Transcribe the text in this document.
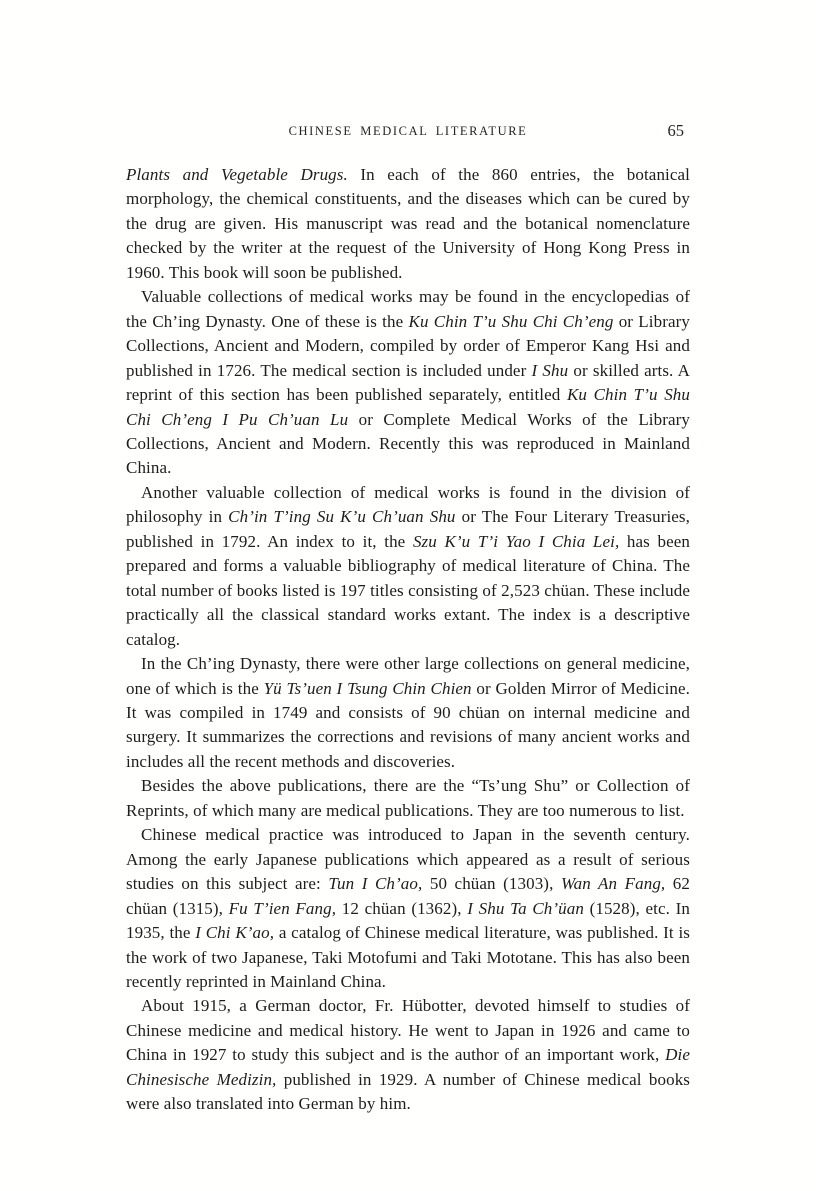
CHINESE MEDICAL LITERATURE	65

Plants and Vegetable Drugs. In each of the 860 entries, the botanical morphology, the chemical constituents, and the diseases which can be cured by the drug are given. His manuscript was read and the botanical nomenclature checked by the writer at the request of the University of Hong Kong Press in 1960. This book will soon be published.

Valuable collections of medical works may be found in the encyclopedias of the Ch’ing Dynasty. One of these is the Ku Chin T’u Shu Chi Ch’eng or Library Collections, Ancient and Modern, compiled by order of Emperor Kang Hsi and published in 1726. The medical section is included under I Shu or skilled arts. A reprint of this section has been published separately, entitled Ku Chin T’u Shu Chi Ch’eng I Pu Ch’uan Lu or Complete Medical Works of the Library Collections, Ancient and Modern. Recently this was reproduced in Mainland China.

Another valuable collection of medical works is found in the division of philosophy in Ch’in T’ing Su K’u Ch’uan Shu or The Four Literary Treasuries, published in 1792. An index to it, the Szu K’u T’i Yao I Chia Lei, has been prepared and forms a valuable bibliography of medical literature of China. The total number of books listed is 197 titles consisting of 2,523 chüan. These include practically all the classical standard works extant. The index is a descriptive catalog.

In the Ch’ing Dynasty, there were other large collections on general medicine, one of which is the Yü Ts’uen I Tsung Chin Chien or Golden Mirror of Medicine. It was compiled in 1749 and consists of 90 chüan on internal medicine and surgery. It summarizes the corrections and revisions of many ancient works and includes all the recent methods and discoveries.

Besides the above publications, there are the “Ts’ung Shu” or Collection of Reprints, of which many are medical publications. They are too numerous to list.

Chinese medical practice was introduced to Japan in the seventh century. Among the early Japanese publications which appeared as a result of serious studies on this subject are: Tun I Ch’ao, 50 chüan (1303), Wan An Fang, 62 chüan (1315), Fu T’ien Fang, 12 chüan (1362), I Shu Ta Ch’üan (1528), etc. In 1935, the I Chi K’ao, a catalog of Chinese medical literature, was published. It is the work of two Japanese, Taki Motofumi and Taki Mototane. This has also been recently reprinted in Mainland China.

About 1915, a German doctor, Fr. Hübotter, devoted himself to studies of Chinese medicine and medical history. He went to Japan in 1926 and came to China in 1927 to study this subject and is the author of an important work, Die Chinesische Medizin, published in 1929. A number of Chinese medical books were also translated into German by him.
